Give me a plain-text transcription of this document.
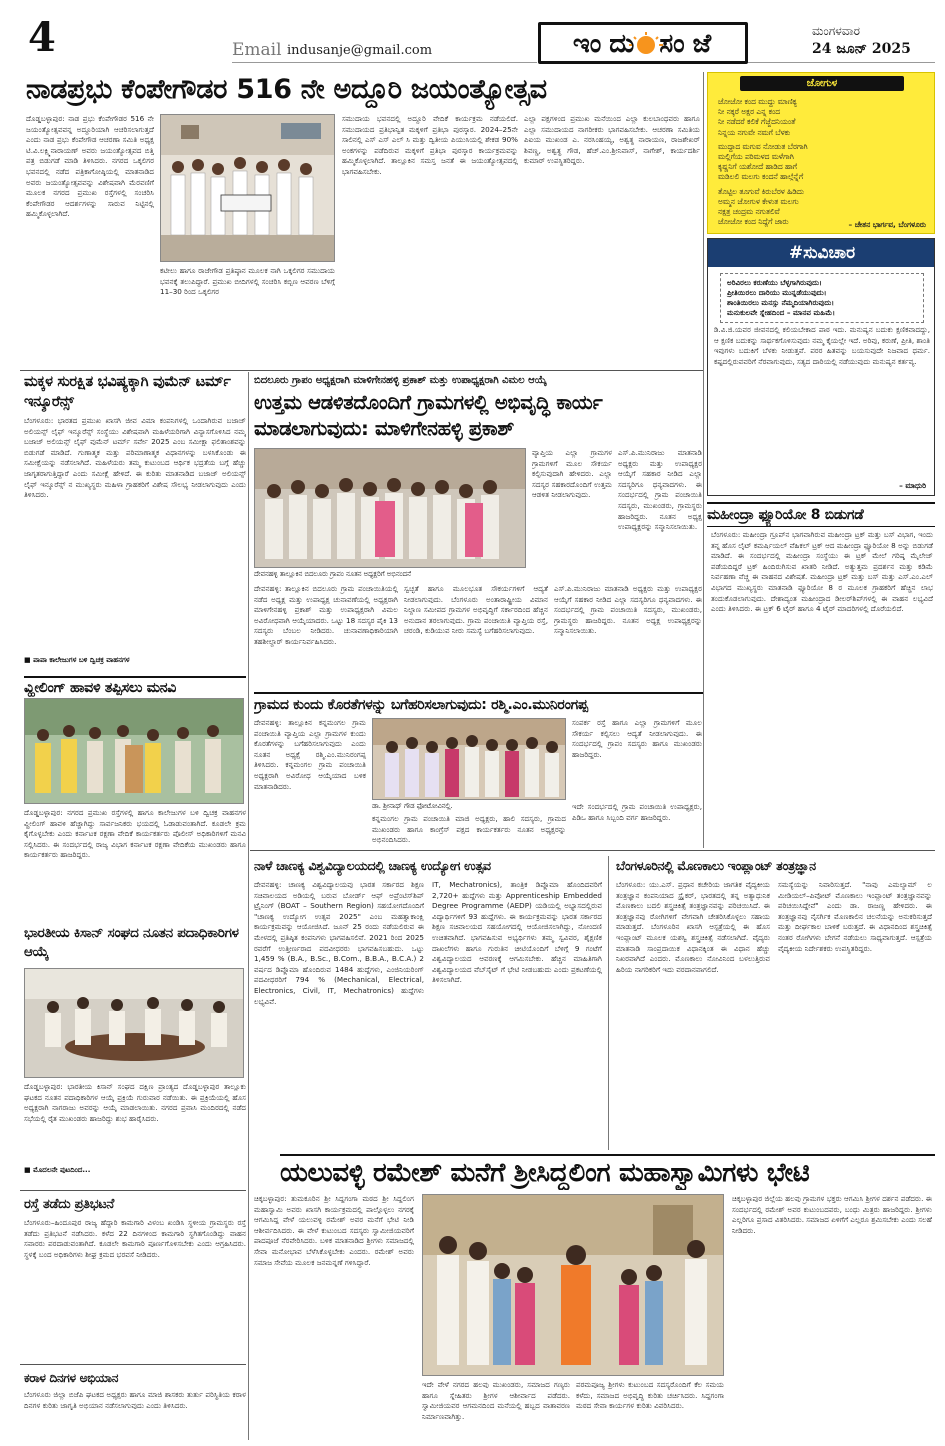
4	Email indusanje@gmail.com	ಇಂದು ಸಂಜೆ	ಮಂಗಳವಾರ
24 ಜೂನ್ 2025
ನಾಡಪ್ರಭು ಕೆಂಪೇಗೌಡರ 516 ನೇ ಅದ್ದೂರಿ ಜಯಂತ್ಯೋತ್ಸವ
ದೊಡ್ಡಬಳ್ಳಾಪುರ: ನಾಡ ಪ್ರಭು ಕೆಂಪೇಗೌಡರ 516 ನೇ ಜಯಂತ್ಯೋತ್ಸವವನ್ನ ಅದ್ದೂರಿಯಾಗಿ ಆಚರಿಸಲಾಗುತ್ತದೆ ಎಂದು ನಾಡ ಪ್ರಭು ಕೆಂಪೇಗೌಡ ಆಚರಣಾ ಸಮಿತಿ ಅಧ್ಯಕ್ಷ ಟಿ.ವಿ.ಲಕ್ಷ್ಮಿನಾರಾಯಣ್ ಅವರು ಜಯಂತ್ಯೋತ್ಸವದ ಬಿತ್ತಿ ಪತ್ರ ಬಿಡುಗಡೆ ಮಾಡಿ ತಿಳಿಸಿದರು. ನಗರದ ಒಕ್ಕಲಿಗರ ಭವನದಲ್ಲಿ ನಡೆದ ಪತ್ರಿಕಾಗೋಷ್ಠಿಯಲ್ಲಿ ಮಾತನಾಡಿದ ಅವರು ಜಯಂತ್ಯೋತ್ಸವವನ್ನು ವಿಶೇಷವಾಗಿ ಮೆರವಣಿಗೆ ಮೂಲಕ ನಗರದ ಪ್ರಮುಖ ರಸ್ತೆಗಳಲ್ಲಿ ಸಂಚರಿಸಿ ಕೆಂಪೇಗೌಡರ ಆದರ್ಶಗಳನ್ನು ಸಾರುವ ನಿಟ್ಟಿನಲ್ಲಿ ಹಮ್ಮಿಕೊಳ್ಳಲಾಗಿದೆ.
ಕಟೀಲು ಹಾಗೂ ರಾಜೇಗೌಡ ಪ್ರತಿಷ್ಠಾನ ಮೂಲಕ ನಾಗಿ ಒಕ್ಕಲಿಗರ ಸಮುದಾಯ ಭವನಕ್ಕೆ ತಲುಪಿದ್ದಾರೆ. ಪ್ರಮುಖ ಬೀದಿಗಳಲ್ಲಿ ಸಂಚರಿಸಿ ಕಬ್ಬಿಣ ಆವರಣ ಬೆಳಿಗ್ಗೆ 11–30 ರಿಂದ ಒಕ್ಕಲಿಗರ
ಸಮುದಾಯ ಭವನದಲ್ಲಿ ಅದ್ದೂರಿ ವೇದಿಕೆ ಕಾರ್ಯಕ್ರಮ ನಡೆಯಲಿದೆ. ಸಮುದಾಯದ ಪ್ರತಿಭಾನ್ವಿತ ಮಕ್ಕಳಿಗೆ ಪ್ರತಿಭಾ ಪುರಸ್ಕಾರ. 2024–25ನೇ ಸಾಲಿನಲ್ಲಿ ಎಸ್ ಎಸ್ ಎಲ್ ಸಿ ಮತ್ತು ದ್ವಿತೀಯ ಪಿಯುಸಿಯಲ್ಲಿ ಶೇಕಡ 90% ಅಂಕಗಳನ್ನು ಪಡೆದಿರುವ ಮಕ್ಕಳಿಗೆ ಪ್ರತಿಭಾ ಪುರಸ್ಕಾರ ಕಾರ್ಯಕ್ರಮವನ್ನು ಹಮ್ಮಿಕೊಳ್ಳಲಾಗಿದೆ. ತಾಲ್ಲೂಕಿನ ಸಮಸ್ತ ಜನತೆ ಈ ಜಯಂತ್ಯೋತ್ಸವದಲ್ಲಿ ಭಾಗವಹಿಸಬೇಕು.
ಎಲ್ಲಾ ಪಕ್ಷಗಳಿಂದ ಪ್ರಮುಖ ಮನೆಯಿಂದ ಎಲ್ಲಾ ಕುಲಬಾಂಧವರು ಹಾಗೂ ಎಲ್ಲಾ ಸಮುದಾಯದ ನಾಗರೀಕರು ಭಾಗವಹಿಸಬೇಕು. ಆಚರಣಾ ಸಮಿತಿಯ ಪಿಐಯ ಮುಖಂಡ ಎ. ನರಸಿಂಹಯ್ಯ, ಅಶ್ವತ್ಥ ನಾರಾಯಣ, ರಾಜಶೇಖರ್ ಶಿವಣ್ಣ, ಅಶ್ವತ್ಥ ಗೌಡ, ಹೆಚ್.ಎಂ.ಶ್ರೀನಿವಾಸ್, ನಾಗೇಶ್, ಕಾರ್ಯದರ್ಶಿ ಕುಮಾರ್ ಉಪಸ್ಥಿತರಿದ್ದರು.
ಜೋಗುಳ
ಜೋಜೋ ಕಂದ ಮುದ್ದು ಮಾಣಿಕ್ಯ
ನೀ ನಕ್ಕರೆ ಅಕ್ಷರ ಎನ್ನ ಕಂದ
ನೀ ನಡೆದರೆ ಕಲಿಕೆ ಗೆಜ್ಜೆದನಿಯಂತೆ
ನಿನ್ನಯ ನಗುವೇ ನಮಗೆ ಬೆಳಕು
ಮುದ್ದಾದ ಮಗುವ ನೋಡುತ ಬೆರಗಾಗಿ
ಮಲ್ಲಿಗೆಯ ಪರಿಮಳದ ಮಳೆಗಾಗಿ
ಕೃಷ್ಣನಿಗೆ ಯಶೋದೆ ಹಾಡಿದ ಹಾಗೆ
ಮಡಿಲಲಿ ಮಲಗು ಕಂದನೆ ಹಾಲ್ಗೆನ್ನೆಗೆ
ತೊಟ್ಟಿಲ ತೂಗುವೆ ಕಿರುಬೆರಳ ಹಿಡಿದು
ಅಮ್ಮನ ಜೋಗುಳ ಕೇಳುತ ಮಲಗು
ನಕ್ಷತ್ರ ಚಂದ್ರಮ ನಗುತಲಿವೆ
ಜೋಜೋ ಕಂದ ನಿದ್ದೆಗೆ ಜಾರು	– ಚೇತನ ಭಾರ್ಗವ, ಬೆಂಗಳೂರು
#ಸುವಿಚಾರ
ಅರಿವಿರಲು ಕರುಣೆಯು ಬೆಳ್ಳಗಾಗಿರುವುದು।
ಪ್ರೀತಿಯಿರಲು ದಾರಿಯು ಮುನ್ನಡೆಯುವುದು।
ಶಾಂತಿಯಿರಲು ಮನಸ್ಸು ನೆಮ್ಮದಿಯಾಗಿರುವುದು।
ಮನುಕುಲವೇ ಸ್ನೇಹದಿಂದ – ಮಾನವ ಮಹಿಮೆ।
ಡಿ.ವಿ.ಜಿ.ಯವರ ಜೀವನದಲ್ಲಿ ಕಲಿಯಬೇಕಾದ ಪಾಠ ಇದು. ಮನುಷ್ಯನ ಬದುಕು ಕ್ಷಣಿಕವಾದದ್ದು, ಆ ಕ್ಷಣಿಕ ಬದುಕನ್ನು ಸಾರ್ಥಕಗೊಳಿಸುವುದು ನಮ್ಮ ಕೈಯಲ್ಲೇ ಇದೆ. ಅರಿವು, ಕರುಣೆ, ಪ್ರೀತಿ, ಶಾಂತಿ ಇವುಗಳು ಬದುಕಿಗೆ ಬೆಳಕು ನೀಡುತ್ತವೆ. ಪರರ ಹಿತವನ್ನು ಬಯಸುವುದೇ ನಿಜವಾದ ಧರ್ಮ. ಕಷ್ಟದಲ್ಲಿರುವವರಿಗೆ ನೆರವಾಗುವುದು, ಸತ್ಯದ ದಾರಿಯಲ್ಲಿ ನಡೆಯುವುದು ಮನುಷ್ಯನ ಕರ್ತವ್ಯ.
– ಮಾಧುರಿ
ಮಹೀಂದ್ರಾ ಫ್ಯೂರಿಯೋ 8 ಬಿಡುಗಡೆ
ಬೆಂಗಳೂರು: ಮಹೀಂದ್ರಾ ಗ್ರೂಪ್‌ನ ಭಾಗವಾಗಿರುವ ಮಹೀಂದ್ರಾ ಟ್ರಕ್ ಮತ್ತು ಬಸ್ ವಿಭಾಗ, ಇಂದು ತನ್ನ ಹೊಸ ಲೈಟ್ ಕಮರ್ಷಿಯಲ್ ವೆಹಿಕಲ್ ಟ್ರಕ್ ಆದ ಮಹೀಂದ್ರಾ ಫ್ಯೂರಿಯೋ 8 ಅನ್ನು ಬಿಡುಗಡೆ ಮಾಡಿದೆ. ಈ ಸಂದರ್ಭದಲ್ಲಿ ಮಹೀಂದ್ರಾ ಸಂಸ್ಥೆಯು ಈ ಟ್ರಕ್‌ ಮೇಲೆ ಗರಿಷ್ಠ ಮೈಲೇಜ್ ಪಡೆಯದಿದ್ದರೆ ಟ್ರಕ್ ಹಿಂದಿರುಗಿಸುವ ಖಾತರಿ ನೀಡಿದೆ. ಅತ್ಯುತ್ತಮ ಪ್ರದರ್ಶನ ಮತ್ತು ಕಡಿಮೆ ನಿರ್ವಹಣಾ ವೆಚ್ಚ ಈ ವಾಹನದ ವಿಶೇಷತೆ. ಮಹೀಂದ್ರಾ ಟ್ರಕ್ ಮತ್ತು ಬಸ್ ಮತ್ತು ಎಸ್.ಎಂ.ಎಲ್ ವಿಭಾಗದ ಮುಖ್ಯಸ್ಥರು ಮಾತನಾಡಿ ಫ್ಯೂರಿಯೋ 8 ರ ಮೂಲಕ ಗ್ರಾಹಕರಿಗೆ ಹೆಚ್ಚಿನ ಲಾಭ ತಂದುಕೊಡಲಾಗುವುದು. ದೇಶಾದ್ಯಂತ ಮಹೀಂದ್ರಾದ ಡೀಲರ್‌ಶಿಪ್‌ಗಳಲ್ಲಿ ಈ ವಾಹನ ಲಭ್ಯವಿದೆ ಎಂದು ತಿಳಿಸಿದರು. ಈ ಟ್ರಕ್ 6 ಟೈರ್ ಹಾಗೂ 4 ಟೈರ್ ಮಾದರಿಗಳಲ್ಲಿ ದೊರೆಯಲಿದೆ.
ಮಕ್ಕಳ ಸುರಕ್ಷಿತ ಭವಿಷ್ಯಕ್ಕಾಗಿ ವುಮೆನ್ ಟರ್ಮ್ ಇನ್ಶೂರೆನ್ಸ್
ಬೆಂಗಳೂರು: ಭಾರತದ ಪ್ರಮುಖ ಖಾಸಗಿ ಜೀವ ವಿಮಾ ಕಂಪನಿಗಳಲ್ಲಿ ಒಂದಾಗಿರುವ ಬಜಾಜ್ ಅಲಿಯನ್ಸ್ ಲೈಫ್ ಇನ್ಶೂರೆನ್ಸ್ ಸಂಸ್ಥೆಯು ವಿಶೇಷವಾಗಿ ಮಹಿಳೆಯರಿಗಾಗಿ ವಿನ್ಯಾಸಗೊಳಿಸಿದ ನಮ್ಮ ಬಜಾಜ್ ಅಲಿಯನ್ಸ್ ಲೈಫ್ ವುಮೆನ್ ಟರ್ಮ್ ಸರ್ವೇ 2025 ಎಂಬ ಸಮೀಕ್ಷಾ ಫಲಿತಾಂಶವನ್ನು ಬಿಡುಗಡೆ ಮಾಡಿದೆ. ಗುಣಾತ್ಮಕ ಮತ್ತು ಪರಿಮಾಣಾತ್ಮಕ ವಿಧಾನಗಳನ್ನು ಬಳಸಿಕೊಂಡು ಈ ಸಮೀಕ್ಷೆಯನ್ನು ನಡೆಸಲಾಗಿದೆ. ಮಹಿಳೆಯರು ತಮ್ಮ ಕುಟುಂಬದ ಆರ್ಥಿಕ ಭದ್ರತೆಯ ಬಗ್ಗೆ ಹೆಚ್ಚು ಜಾಗೃತರಾಗುತ್ತಿದ್ದಾರೆ ಎಂದು ಸಮೀಕ್ಷೆ ಹೇಳಿದೆ. ಈ ಕುರಿತು ಮಾತನಾಡಿದ ಬಜಾಜ್ ಅಲಿಯನ್ಸ್ ಲೈಫ್ ಇನ್ಶೂರೆನ್ಸ್ ನ ಮುಖ್ಯಸ್ಥರು ಮಹಿಳಾ ಗ್ರಾಹಕರಿಗೆ ವಿಶೇಷ ಸೌಲಭ್ಯ ನೀಡಲಾಗುವುದು ಎಂದು ತಿಳಿಸಿದರು.
■ ಪಾಪಾ ಕಾಲೇಜುಗಳ ಬಳಿ ದ್ವಿಚಕ್ರ ವಾಹನಗಳ
ವ್ಹೀಲಿಂಗ್ ಹಾವಳಿ ತಪ್ಪಿಸಲು ಮನವಿ
ದೊಡ್ಡಬಳ್ಳಾಪುರ: ನಗರದ ಪ್ರಮುಖ ರಸ್ತೆಗಳಲ್ಲಿ ಹಾಗೂ ಕಾಲೇಜುಗಳ ಬಳಿ ದ್ವಿಚಕ್ರ ವಾಹನಗಳ ವ್ಹೀಲಿಂಗ್ ಹಾವಳಿ ಹೆಚ್ಚಾಗಿದ್ದು ಸಾರ್ವಜನಿಕರು ಭಯದಲ್ಲಿ ಓಡಾಡುವಂತಾಗಿದೆ. ಕೂಡಲೇ ಕ್ರಮ ಕೈಗೊಳ್ಳಬೇಕು ಎಂದು ಕರ್ನಾಟಕ ರಕ್ಷಣಾ ವೇದಿಕೆ ಕಾರ್ಯಕರ್ತರು ಪೊಲೀಸ್ ಅಧಿಕಾರಿಗಳಿಗೆ ಮನವಿ ಸಲ್ಲಿಸಿದರು. ಈ ಸಂದರ್ಭದಲ್ಲಿ ರಾಜ್ಯ ವಿಭಾಗ ಕರ್ನಾಟಕ ರಕ್ಷಣಾ ವೇದಿಕೆಯ ಮುಖಂಡರು ಹಾಗೂ ಕಾರ್ಯಕರ್ತರು ಹಾಜರಿದ್ದರು.
ಭಾರತೀಯ ಕಿಸಾನ್ ಸಂಘದ ನೂತನ ಪದಾಧಿಕಾರಿಗಳ ಆಯ್ಕೆ
ದೊಡ್ಡಬಳ್ಳಾಪುರ: ಭಾರತೀಯ ಕಿಸಾನ್ ಸಂಘದ ದಕ್ಷಿಣ ಪ್ರಾಂತ್ಯದ ದೊಡ್ಡಬಳ್ಳಾಪುರ ತಾಲ್ಲೂಕು ಘಟಕದ ನೂತನ ಪದಾಧಿಕಾರಿಗಳ ಆಯ್ಕೆ ಪ್ರಕ್ರಿಯೆ ಗುರುವಾರ ನಡೆಯಿತು. ಈ ಪ್ರಕ್ರಿಯೆಯಲ್ಲಿ ಹೊಸ ಅಧ್ಯಕ್ಷರಾಗಿ ನಾಗರಾಜು ಅವರನ್ನು ಆಯ್ಕೆ ಮಾಡಲಾಯಿತು. ನಗರದ ಪ್ರವಾಸಿ ಮಂದಿರದಲ್ಲಿ ನಡೆದ ಸಭೆಯಲ್ಲಿ ರೈತ ಮುಖಂಡರು ಹಾಜರಿದ್ದು ಶುಭ ಹಾರೈಸಿದರು.
■ ಮೊದಲನೇ ಪುಟದಿಂದ...
ರಸ್ತೆ ತಡೆದು ಪ್ರತಿಭಟನೆ
ಬೆಂಗಳೂರು–ಹಿಂದೂಪುರ ರಾಜ್ಯ ಹೆದ್ದಾರಿ ಕಾಮಗಾರಿ ವಿಳಂಬ ಖಂಡಿಸಿ ಸ್ಥಳೀಯ ಗ್ರಾಮಸ್ಥರು ರಸ್ತೆ ತಡೆದು ಪ್ರತಿಭಟನೆ ನಡೆಸಿದರು. ಕಳೆದ 22 ದಿನಗಳಿಂದ ಕಾಮಗಾರಿ ಸ್ಥಗಿತಗೊಂಡಿದ್ದು ವಾಹನ ಸವಾರರು ಪರದಾಡುವಂತಾಗಿದೆ. ಕೂಡಲೇ ಕಾಮಗಾರಿ ಪೂರ್ಣಗೊಳಿಸಬೇಕು ಎಂದು ಆಗ್ರಹಿಸಿದರು. ಸ್ಥಳಕ್ಕೆ ಬಂದ ಅಧಿಕಾರಿಗಳು ಶೀಘ್ರ ಕ್ರಮದ ಭರವಸೆ ನೀಡಿದರು.
ಕರಾಳ ದಿನಗಳ ಅಭಿಯಾನ
ಬೆಂಗಳೂರು ಜಿಲ್ಲಾ ಬಿಜೆಪಿ ಘಟಕದ ಅಧ್ಯಕ್ಷರು ಹಾಗೂ ಮಾಜಿ ಶಾಸಕರು ತುರ್ತು ಪರಿಸ್ಥಿತಿಯ ಕರಾಳ ದಿನಗಳ ಕುರಿತು ಜಾಗೃತಿ ಅಭಿಯಾನ ನಡೆಸಲಾಗುವುದು ಎಂದು ತಿಳಿಸಿದರು.
ಬಿದಲೂರು ಗ್ರಾಪಂ ಅಧ್ಯಕ್ಷರಾಗಿ ಮಾಳಿಗೇನಹಳ್ಳಿ ಪ್ರಕಾಶ್ ಮತ್ತು ಉಪಾಧ್ಯಕ್ಷರಾಗಿ ವಿಮಲ ಆಯ್ಕೆ
ಉತ್ತಮ ಆಡಳಿತದೊಂದಿಗೆ ಗ್ರಾಮಗಳಲ್ಲಿ ಅಭಿವೃದ್ಧಿ ಕಾರ್ಯ ಮಾಡಲಾಗುವುದು: ಮಾಳಿಗೇನಹಳ್ಳಿ ಪ್ರಕಾಶ್
ದೇವನಹಳ್ಳಿ ತಾಲ್ಲೂಕಿನ ಬಿದಲೂರು ಗ್ರಾಪಂ ನೂತನ ಅಧ್ಯಕ್ಷರಿಗೆ ಅಭಿನಂದನೆ
ವ್ಯಾಪ್ತಿಯ ಎಲ್ಲಾ ಗ್ರಾಮಗಳ ಗ್ರಾಮಗಳಿಗೆ ಮೂಲ ಸೌಕರ್ಯ ಕಲ್ಪಿಸುವುದಾಗಿ ಹೇಳಿದರು. ಎಲ್ಲಾ ಸದಸ್ಯರ ಸಹಕಾರದೊಂದಿಗೆ ಉತ್ತಮ ಆಡಳಿತ ನೀಡಲಾಗುವುದು.
ಎಸ್.ಪಿ.ಮುನಿರಾಜು ಮಾತನಾಡಿ ಅಧ್ಯಕ್ಷರು ಮತ್ತು ಉಪಾಧ್ಯಕ್ಷರ ಆಯ್ಕೆಗೆ ಸಹಕಾರ ನೀಡಿದ ಎಲ್ಲಾ ಸದಸ್ಯರಿಗೂ ಧನ್ಯವಾದಗಳು. ಈ ಸಂದರ್ಭದಲ್ಲಿ ಗ್ರಾಮ ಪಂಚಾಯಿತಿ ಸದಸ್ಯರು, ಮುಖಂಡರು, ಗ್ರಾಮಸ್ಥರು ಹಾಜರಿದ್ದರು. ನೂತನ ಅಧ್ಯಕ್ಷ ಉಪಾಧ್ಯಕ್ಷರನ್ನು ಸನ್ಮಾನಿಸಲಾಯಿತು.
ದೇವನಹಳ್ಳಿ: ತಾಲ್ಲೂಕಿನ ಬಿದಲೂರು ಗ್ರಾಮ ಪಂಚಾಯಿತಿಯಲ್ಲಿ ನಡೆದ ಅಧ್ಯಕ್ಷ ಮತ್ತು ಉಪಾಧ್ಯಕ್ಷ ಚುನಾವಣೆಯಲ್ಲಿ ಅಧ್ಯಕ್ಷರಾಗಿ ಮಾಳಿಗೇನಹಳ್ಳಿ ಪ್ರಕಾಶ್ ಮತ್ತು ಉಪಾಧ್ಯಕ್ಷರಾಗಿ ವಿಮಲ ಅವಿರೋಧವಾಗಿ ಆಯ್ಕೆಯಾದರು. ಒಟ್ಟು 18 ಸದಸ್ಯರ ಪೈಕಿ 13 ಸದಸ್ಯರು ಬೆಂಬಲ ನೀಡಿದರು. ಚುನಾವಣಾಧಿಕಾರಿಯಾಗಿ ತಹಶೀಲ್ದಾರ್ ಕಾರ್ಯನಿರ್ವಹಿಸಿದರು.
ಸ್ವಚ್ಛತೆ ಹಾಗೂ ಮೂಲಭೂತ ಸೌಕರ್ಯಗಳಿಗೆ ಆದ್ಯತೆ ನೀಡಲಾಗುವುದು. ಬೆಂಗಳೂರು ಅಂತಾರಾಷ್ಟ್ರೀಯ ವಿಮಾನ ನಿಲ್ದಾಣ ಸಮೀಪದ ಗ್ರಾಮಗಳ ಅಭಿವೃದ್ಧಿಗೆ ಸರ್ಕಾರದಿಂದ ಹೆಚ್ಚಿನ ಅನುದಾನ ತರಲಾಗುವುದು. ಗ್ರಾಮ ಪಂಚಾಯಿತಿ ವ್ಯಾಪ್ತಿಯ ರಸ್ತೆ, ಚರಂಡಿ, ಕುಡಿಯುವ ನೀರು ಸಮಸ್ಯೆ ಬಗೆಹರಿಸಲಾಗುವುದು.
ಎಸ್.ಪಿ.ಮುನಿರಾಜು ಮಾತನಾಡಿ ಅಧ್ಯಕ್ಷರು ಮತ್ತು ಉಪಾಧ್ಯಕ್ಷರ ಆಯ್ಕೆಗೆ ಸಹಕಾರ ನೀಡಿದ ಎಲ್ಲಾ ಸದಸ್ಯರಿಗೂ ಧನ್ಯವಾದಗಳು. ಈ ಸಂದರ್ಭದಲ್ಲಿ ಗ್ರಾಮ ಪಂಚಾಯಿತಿ ಸದಸ್ಯರು, ಮುಖಂಡರು, ಗ್ರಾಮಸ್ಥರು ಹಾಜರಿದ್ದರು. ನೂತನ ಅಧ್ಯಕ್ಷ ಉಪಾಧ್ಯಕ್ಷರನ್ನು ಸನ್ಮಾನಿಸಲಾಯಿತು.
ಗ್ರಾಮದ ಕುಂದು ಕೊರತೆಗಳನ್ನು ಬಗೆಹರಿಸಲಾಗುವುದು: ರಶ್ಮಿ.ಎಂ.ಮುನಿರಂಗಪ್ಪ
ದೇವನಹಳ್ಳಿ: ತಾಲ್ಲೂಕಿನ ಕನ್ನಮಂಗಲ ಗ್ರಾಮ ಪಂಚಾಯಿತಿ ವ್ಯಾಪ್ತಿಯ ಎಲ್ಲಾ ಗ್ರಾಮಗಳ ಕುಂದು ಕೊರತೆಗಳನ್ನು ಬಗೆಹರಿಸಲಾಗುವುದು ಎಂದು ನೂತನ ಅಧ್ಯಕ್ಷೆ ರಶ್ಮಿ.ಎಂ.ಮುನಿರಂಗಪ್ಪ ತಿಳಿಸಿದರು. ಕನ್ನಮಂಗಲ ಗ್ರಾಮ ಪಂಚಾಯಿತಿ ಅಧ್ಯಕ್ಷರಾಗಿ ಅವಿರೋಧ ಆಯ್ಕೆಯಾದ ಬಳಿಕ ಮಾತನಾಡಿದರು.
ಡಾ. ಶ್ರೀನಾಥ್ ಗೌಡ ಫೋಟೋವಿನಲ್ಲಿ.
ಕನ್ನಮಂಗಲ ಗ್ರಾಮ ಪಂಚಾಯಿತಿ ಮಾಜಿ ಅಧ್ಯಕ್ಷರು, ಹಾಲಿ ಸದಸ್ಯರು, ಗ್ರಾಮದ ಮುಖಂಡರು ಹಾಗೂ ಕಾಂಗ್ರೆಸ್ ಪಕ್ಷದ ಕಾರ್ಯಕರ್ತರು ನೂತನ ಅಧ್ಯಕ್ಷರನ್ನು ಅಭಿನಂದಿಸಿದರು.
ಸಂಪರ್ಕ ರಸ್ತೆ ಹಾಗೂ ಎಲ್ಲಾ ಗ್ರಾಮಗಳಿಗೆ ಮೂಲ ಸೌಕರ್ಯ ಕಲ್ಪಿಸಲು ಆದ್ಯತೆ ನೀಡಲಾಗುವುದು. ಈ ಸಂದರ್ಭದಲ್ಲಿ ಗ್ರಾಪಂ ಸದಸ್ಯರು ಹಾಗೂ ಮುಖಂಡರು ಹಾಜರಿದ್ದರು.
ಇದೇ ಸಂದರ್ಭದಲ್ಲಿ ಗ್ರಾಮ ಪಂಚಾಯಿತಿ ಉಪಾಧ್ಯಕ್ಷರು, ಪಿಡಿಒ ಹಾಗೂ ಸಿಬ್ಬಂದಿ ವರ್ಗ ಹಾಜರಿದ್ದರು.
ನಾಳೆ ಚಾಣಕ್ಯ ವಿಶ್ವವಿದ್ಯಾಲಯದಲ್ಲಿ ಚಾಣಕ್ಯ ಉದ್ಯೋಗ ಉತ್ಸವ
ದೇವನಹಳ್ಳಿ: ಚಾಣಕ್ಯ ವಿಶ್ವವಿದ್ಯಾಲಯವು ಭಾರತ ಸರ್ಕಾರದ ಶಿಕ್ಷಣ ಸಚಿವಾಲಯದ ಅಡಿಯಲ್ಲಿ ಬರುವ ಬೋರ್ಡ್ ಆಫ್ ಅಪ್ರೆಂಟಿಸ್‌ಶಿಪ್ ಟ್ರೈನಿಂಗ್ (BOAT – Southern Region) ಸಹಯೋಗದೊಂದಿಗೆ "ಚಾಣಕ್ಯ ಉದ್ಯೋಗ ಉತ್ಸವ 2025" ಎಂಬ ಮಹತ್ವಾಕಾಂಕ್ಷಿ ಕಾರ್ಯಕ್ರಮವನ್ನು ಆಯೋಜಿಸಿದೆ. ಜೂನ್ 25 ರಂದು ನಡೆಯಲಿರುವ ಈ ಮೇಳದಲ್ಲಿ ಪ್ರತಿಷ್ಠಿತ ಕಂಪನಿಗಳು ಭಾಗವಹಿಸಲಿವೆ. 2021 ರಿಂದ 2025 ರವರೆಗೆ ಉತ್ತೀರ್ಣರಾದ ಪದವೀಧರರು ಭಾಗವಹಿಸಬಹುದು. ಒಟ್ಟು 1,459 % (B.A., B.Sc., B.Com., B.B.A., B.C.A.) 2 ವರ್ಷದ ಡಿಪ್ಲೊಮಾ ಹೊಂದಿರುವ 1484 ಹುದ್ದೆಗಳು, ಎಂಜಿನಿಯರಿಂಗ್ ಪದವೀಧರರಿಗೆ 794 % (Mechanical, Electrical, Electronics, Civil, IT, Mechatronics) ಹುದ್ದೆಗಳು ಲಭ್ಯವಿವೆ.
IT, Mechatronics), ತಾಂತ್ರಿಕ ಡಿಪ್ಲೊಮಾ ಹೊಂದಿದವರಿಗೆ 2,720+ ಹುದ್ದೆಗಳು ಮತ್ತು Apprenticeship Embedded Degree Programme (AEDP) ಯಡಿಯಲ್ಲಿ ಅಭ್ಯಾಸದಲ್ಲಿರುವ ವಿದ್ಯಾರ್ಥಿಗಳಿಗೆ 93 ಹುದ್ದೆಗಳು. ಈ ಕಾರ್ಯಕ್ರಮವನ್ನು ಭಾರತ ಸರ್ಕಾರದ ಶಿಕ್ಷಣ ಸಚಿವಾಲಯದ ಸಹಯೋಗದಲ್ಲಿ ಆಯೋಜಿಸಲಾಗಿದ್ದು, ನೋಂದಣಿ ಉಚಿತವಾಗಿದೆ. ಭಾಗವಹಿಸುವ ಅಭ್ಯರ್ಥಿಗಳು ತಮ್ಮ ಸ್ವವಿವರ, ಶೈಕ್ಷಣಿಕ ದಾಖಲೆಗಳು ಹಾಗೂ ಗುರುತಿನ ಚೀಟಿಯೊಂದಿಗೆ ಬೆಳಿಗ್ಗೆ 9 ಗಂಟೆಗೆ ವಿಶ್ವವಿದ್ಯಾಲಯದ ಆವರಣಕ್ಕೆ ಆಗಮಿಸಬೇಕು. ಹೆಚ್ಚಿನ ಮಾಹಿತಿಗಾಗಿ ವಿಶ್ವವಿದ್ಯಾಲಯದ ವೆಬ್‌ಸೈಟ್ ಗೆ ಭೇಟಿ ನೀಡಬಹುದು ಎಂದು ಪ್ರಕಟಣೆಯಲ್ಲಿ ತಿಳಿಸಲಾಗಿದೆ.
ಬೆಂಗಳೂರಿನಲ್ಲಿ ಮೊಣಕಾಲು ಇಂಪ್ಲಾಂಟ್ ತಂತ್ರಜ್ಞಾನ
ಬೆಂಗಳೂರು: ಯು.ಎಸ್. ಪ್ರಧಾನ ಕಚೇರಿಯ ಜಾಗತಿಕ ವೈದ್ಯಕೀಯ ತಂತ್ರಜ್ಞಾನ ಕಂಪನಿಯಾದ ಸ್ಟ್ರೈಕರ್, ಭಾರತದಲ್ಲಿ ತನ್ನ ಅತ್ಯಾಧುನಿಕ ಮೊಣಕಾಲು ಬದಲಿ ಶಸ್ತ್ರಚಿಕಿತ್ಸೆ ತಂತ್ರಜ್ಞಾನವನ್ನು ಪರಿಚಯಿಸಿದೆ. ಈ ತಂತ್ರಜ್ಞಾನವು ರೋಗಿಗಳಿಗೆ ವೇಗವಾಗಿ ಚೇತರಿಸಿಕೊಳ್ಳಲು ಸಹಾಯ ಮಾಡುತ್ತದೆ. ಬೆಂಗಳೂರಿನ ಖಾಸಗಿ ಆಸ್ಪತ್ರೆಯಲ್ಲಿ ಈ ಹೊಸ ಇಂಪ್ಲಾಂಟ್ ಮೂಲಕ ಯಶಸ್ವಿ ಶಸ್ತ್ರಚಿಕಿತ್ಸೆ ನಡೆಸಲಾಗಿದೆ. ವೈದ್ಯರು ಮಾತನಾಡಿ ಸಾಂಪ್ರದಾಯಿಕ ವಿಧಾನಕ್ಕಿಂತ ಈ ವಿಧಾನ ಹೆಚ್ಚು ನಿಖರವಾಗಿದೆ ಎಂದರು. ಮೊಣಕಾಲು ನೋವಿನಿಂದ ಬಳಲುತ್ತಿರುವ ಹಿರಿಯ ನಾಗರಿಕರಿಗೆ ಇದು ವರದಾನವಾಗಲಿದೆ.
ಸಮಸ್ಯೆಯನ್ನು ನಿವಾರಿಸುತ್ತದೆ. "ನಾವು ಎಮಲ್ಯಾಮ್ ಲ ಮೀಡಿಯಲ್–ಪಿವೋಟ್ ಮೊಣಕಾಲು ಇಂಪ್ಲಾಂಟ್ ತಂತ್ರಜ್ಞಾನವನ್ನು ಪರಿಚಯಿಸಿದ್ದೇವೆ" ಎಂದು ಡಾ. ರಾಜಣ್ಣ ಹೇಳಿದರು. ಈ ತಂತ್ರಜ್ಞಾನವು ನೈಸರ್ಗಿಕ ಮೊಣಕಾಲಿನ ಚಲನೆಯನ್ನು ಅನುಕರಿಸುತ್ತದೆ ಮತ್ತು ದೀರ್ಘಕಾಲ ಬಾಳಿಕೆ ಬರುತ್ತದೆ. ಈ ವಿಧಾನದಿಂದ ಶಸ್ತ್ರಚಿಕಿತ್ಸೆ ನಂತರ ರೋಗಿಗಳು ಬೇಗನೆ ನಡೆಯಲು ಸಾಧ್ಯವಾಗುತ್ತದೆ. ಆಸ್ಪತ್ರೆಯ ವೈದ್ಯಕೀಯ ನಿರ್ದೇಶಕರು ಉಪಸ್ಥಿತರಿದ್ದರು.
ಯಲುವಳ್ಳಿ ರಮೇಶ್ ಮನೆಗೆ ಶ್ರೀಸಿದ್ದಲಿಂಗ ಮಹಾಸ್ವಾಮಿಗಳು ಭೇಟಿ
ಚಿಕ್ಕಬಳ್ಳಾಪುರ: ತುಮಕೂರಿನ ಶ್ರೀ ಸಿದ್ದಗಂಗಾ ಮಠದ ಶ್ರೀ ಸಿದ್ದಲಿಂಗ ಮಹಾಸ್ವಾಮಿ ಅವರು ಖಾಸಗಿ ಕಾರ್ಯಕ್ರಮದಲ್ಲಿ ಪಾಲ್ಗೊಳ್ಳಲು ನಗರಕ್ಕೆ ಆಗಮಿಸಿದ್ದ ವೇಳೆ ಯಲುವಳ್ಳಿ ರಮೇಶ್ ಅವರ ಮನೆಗೆ ಭೇಟಿ ನೀಡಿ ಆಶೀರ್ವದಿಸಿದರು. ಈ ವೇಳೆ ಕುಟುಂಬದ ಸದಸ್ಯರು ಸ್ವಾಮೀಜಿಯವರಿಗೆ ಪಾದಪೂಜೆ ನೆರವೇರಿಸಿದರು. ಬಳಿಕ ಮಾತನಾಡಿದ ಶ್ರೀಗಳು ಸಮಾಜದಲ್ಲಿ ಸೇವಾ ಮನೋಭಾವ ಬೆಳೆಸಿಕೊಳ್ಳಬೇಕು ಎಂದರು. ರಮೇಶ್ ಅವರು ಸಮಾಜ ಸೇವೆಯ ಮೂಲಕ ಜನಮನ್ನಣೆ ಗಳಿಸಿದ್ದಾರೆ.
ಇದೇ ವೇಳೆ ನಗರದ ಹಲವು ಮುಖಂಡರು, ಸಮಾಜದ ಗಣ್ಯರು ಹಾಗೂ ಸ್ನೇಹಿತರು ಶ್ರೀಗಳ ಆಶೀರ್ವಾದ ಪಡೆದರು. ಸ್ವಾಮೀಜಿಯವರ ಆಗಮನದಿಂದ ಮನೆಯಲ್ಲಿ ಹಬ್ಬದ ವಾತಾವರಣ ನಿರ್ಮಾಣವಾಗಿತ್ತು.
ಪರಮಪೂಜ್ಯ ಶ್ರೀಗಳು ಕುಟುಂಬದ ಸದಸ್ಯರೊಂದಿಗೆ ಕೆಲ ಸಮಯ ಕಳೆದು, ಸಮಾಜದ ಅಭಿವೃದ್ಧಿ ಕುರಿತು ಚರ್ಚಿಸಿದರು. ಸಿದ್ದಗಂಗಾ ಮಠದ ಸೇವಾ ಕಾರ್ಯಗಳ ಕುರಿತು ವಿವರಿಸಿದರು.
ಚಿಕ್ಕಬಳ್ಳಾಪುರ ಜಿಲ್ಲೆಯ ಹಲವು ಗ್ರಾಮಗಳ ಭಕ್ತರು ಆಗಮಿಸಿ ಶ್ರೀಗಳ ದರ್ಶನ ಪಡೆದರು. ಈ ಸಂದರ್ಭದಲ್ಲಿ ರಮೇಶ್ ಅವರ ಕುಟುಂಬದವರು, ಬಂಧು ಮಿತ್ರರು ಹಾಜರಿದ್ದರು. ಶ್ರೀಗಳು ಎಲ್ಲರಿಗೂ ಪ್ರಸಾದ ವಿತರಿಸಿದರು. ಸಮಾಜದ ಏಳಿಗೆಗೆ ಎಲ್ಲರೂ ಶ್ರಮಿಸಬೇಕು ಎಂದು ಸಲಹೆ ನೀಡಿದರು.
